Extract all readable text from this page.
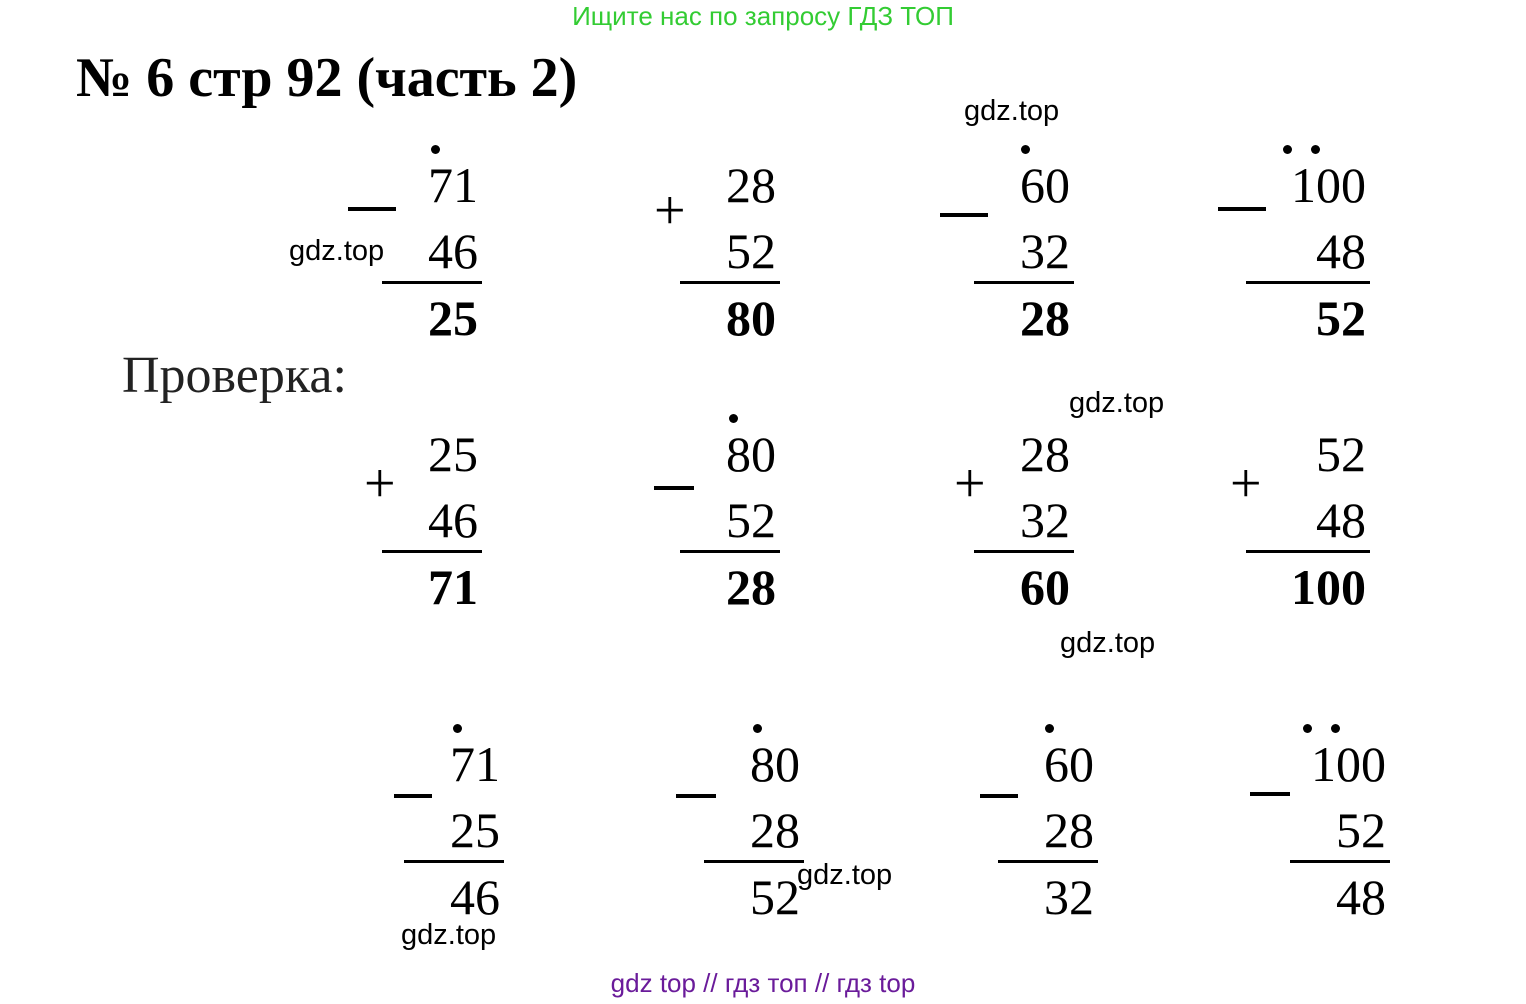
Ищите нас по запросу ГДЗ ТОП
№ 6 стр 92 (часть 2)
71
46
25
+ 28
52
80
60
32
28
100
48
52
Проверка:
+ 25
46
71
80
52
28
+ 28
32
60
+ 52
48
100
71
25
46
80
28
52
60
28
32
100
52
48
gdz.top
gdz.top
gdz.top
gdz.top
gdz.top
gdz.top
gdz top // гдз топ // гдз top
